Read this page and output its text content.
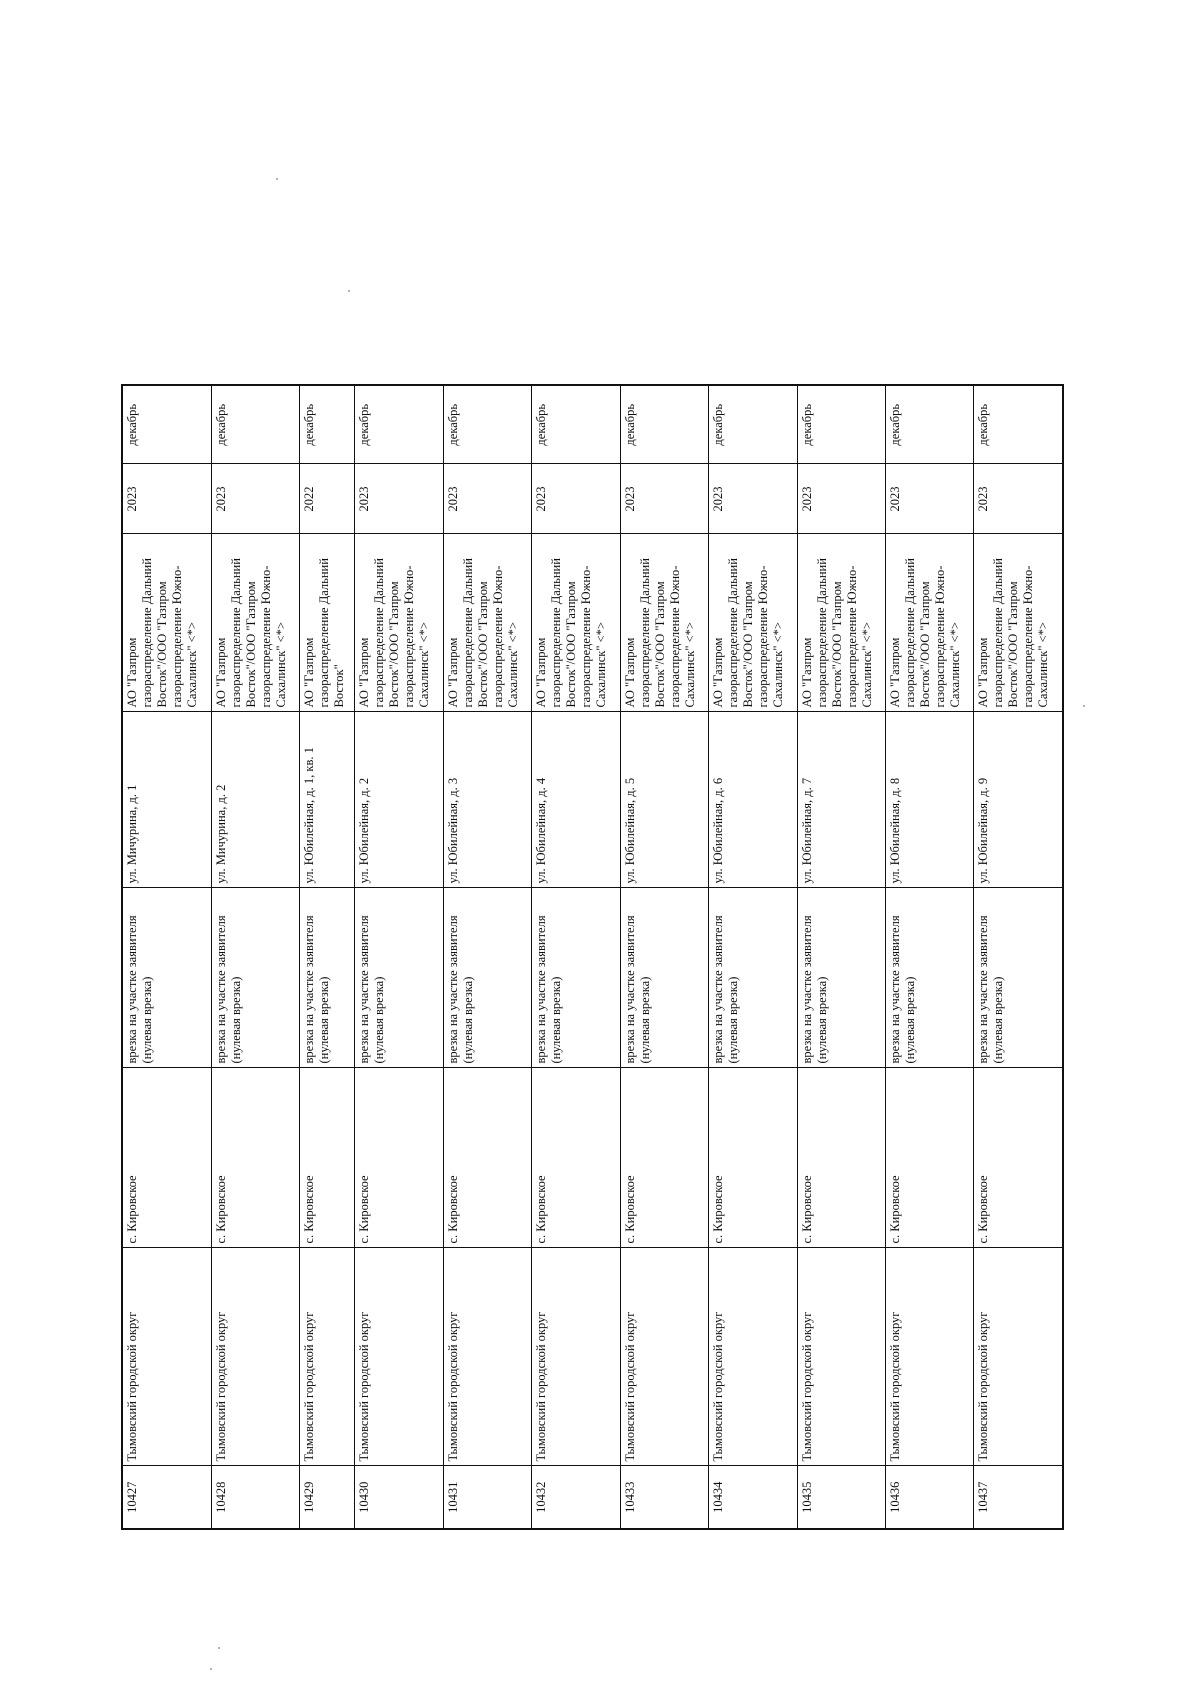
10427	Тымовский городской округ	с. Кировское	врезка на участке заявителя (нулевая врезка)	ул. Мичурина, д. 1	АО "Газпром газораспределение Дальний Восток"/ООО "Газпром газораспределение Южно-Сахалинск" <*>	2023	декабрь
10428	Тымовский городской округ	с. Кировское	врезка на участке заявителя (нулевая врезка)	ул. Мичурина, д. 2	АО "Газпром газораспределение Дальний Восток"/ООО "Газпром газораспределение Южно-Сахалинск" <*>	2023	декабрь
10429	Тымовский городской округ	с. Кировское	врезка на участке заявителя (нулевая врезка)	ул. Юбилейная, д. 1, кв. 1	АО "Газпром газораспределение Дальний Восток"	2022	декабрь
10430	Тымовский городской округ	с. Кировское	врезка на участке заявителя (нулевая врезка)	ул. Юбилейная, д. 2	АО "Газпром газораспределение Дальний Восток"/ООО "Газпром газораспределение Южно-Сахалинск" <*>	2023	декабрь
10431	Тымовский городской округ	с. Кировское	врезка на участке заявителя (нулевая врезка)	ул. Юбилейная, д. 3	АО "Газпром газораспределение Дальний Восток"/ООО "Газпром газораспределение Южно-Сахалинск" <*>	2023	декабрь
10432	Тымовский городской округ	с. Кировское	врезка на участке заявителя (нулевая врезка)	ул. Юбилейная, д. 4	АО "Газпром газораспределение Дальний Восток"/ООО "Газпром газораспределение Южно-Сахалинск" <*>	2023	декабрь
10433	Тымовский городской округ	с. Кировское	врезка на участке заявителя (нулевая врезка)	ул. Юбилейная, д. 5	АО "Газпром газораспределение Дальний Восток"/ООО "Газпром газораспределение Южно-Сахалинск" <*>	2023	декабрь
10434	Тымовский городской округ	с. Кировское	врезка на участке заявителя (нулевая врезка)	ул. Юбилейная, д. 6	АО "Газпром газораспределение Дальний Восток"/ООО "Газпром газораспределение Южно-Сахалинск" <*>	2023	декабрь
10435	Тымовский городской округ	с. Кировское	врезка на участке заявителя (нулевая врезка)	ул. Юбилейная, д. 7	АО "Газпром газораспределение Дальний Восток"/ООО "Газпром газораспределение Южно-Сахалинск" <*>	2023	декабрь
10436	Тымовский городской округ	с. Кировское	врезка на участке заявителя (нулевая врезка)	ул. Юбилейная, д. 8	АО "Газпром газораспределение Дальний Восток"/ООО "Газпром газораспределение Южно-Сахалинск" <*>	2023	декабрь
10437	Тымовский городской округ	с. Кировское	врезка на участке заявителя (нулевая врезка)	ул. Юбилейная, д. 9	АО "Газпром газораспределение Дальний Восток"/ООО "Газпром газораспределение Южно-Сахалинск" <*>	2023	декабрь
